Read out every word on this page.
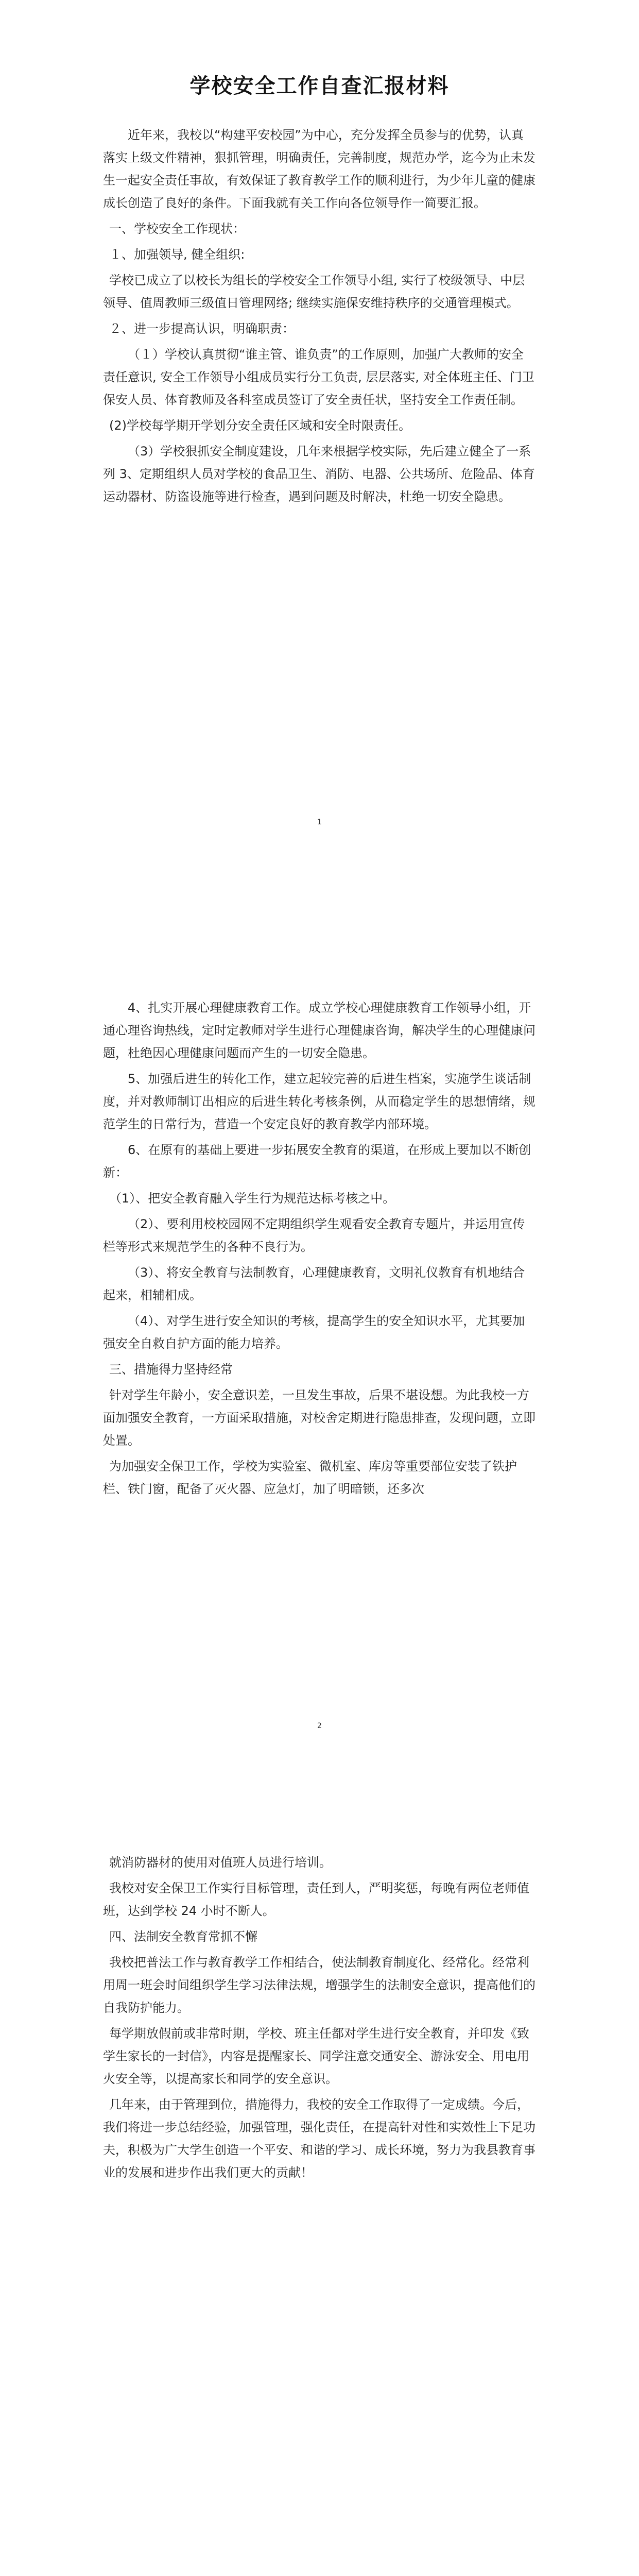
学校安全工作自查汇报材料

近年来，我校以“构建平安校园”为中心，充分发挥全员参与的优势，认真落实上级文件精神，狠抓管理，明确责任，完善制度，规范办学，迄今为止未发生一起安全责任事故，有效保证了教育教学工作的顺利进行，为少年儿童的健康成长创造了良好的条件。下面我就有关工作向各位领导作一简要汇报。

一、学校安全工作现状：

１、加强领导, 健全组织:

学校已成立了以校长为组长的学校安全工作领导小组, 实行了校级领导、中层领导、值周教师三级值日管理网络; 继续实施保安维持秩序的交通管理模式。

２、进一步提高认识，明确职责：

（１）学校认真贯彻“谁主管、谁负责”的工作原则，加强广大教师的安全责任意识, 安全工作领导小组成员实行分工负责, 层层落实, 对全体班主任、门卫保安人员、体育教师及各科室成员签订了安全责任状，坚持安全工作责任制。

(2)学校每学期开学划分安全责任区域和安全时限责任。

（3）学校狠抓安全制度建设，几年来根据学校实际，先后建立健全了一系列 3、定期组织人员对学校的食品卫生、消防、电器、公共场所、危险品、体育运动器材、防盗设施等进行检查，遇到问题及时解决，杜绝一切安全隐患。

1

4、扎实开展心理健康教育工作。成立学校心理健康教育工作领导小组，开通心理咨询热线，定时定教师对学生进行心理健康咨询，解决学生的心理健康问题，杜绝因心理健康问题而产生的一切安全隐患。

5、加强后进生的转化工作，建立起较完善的后进生档案，实施学生谈话制度，并对教师制订出相应的后进生转化考核条例，从而稳定学生的思想情绪，规范学生的日常行为，营造一个安定良好的教育教学内部环境。

6、在原有的基础上要进一步拓展安全教育的渠道，在形成上要加以不断创新：

（1）、把安全教育融入学生行为规范达标考核之中。

（2）、要利用校校园网不定期组织学生观看安全教育专题片，并运用宣传栏等形式来规范学生的各种不良行为。

（3）、将安全教育与法制教育，心理健康教育，文明礼仪教育有机地结合起来，相辅相成。

（4）、对学生进行安全知识的考核，提高学生的安全知识水平，尤其要加强安全自救自护方面的能力培养。

三、措施得力坚持经常

针对学生年龄小，安全意识差，一旦发生事故，后果不堪设想。为此我校一方面加强安全教育，一方面采取措施，对校舍定期进行隐患排查，发现问题，立即处置。

为加强安全保卫工作，学校为实验室、微机室、库房等重要部位安装了铁护栏、铁门窗，配备了灭火器、应急灯，加了明暗锁，还多次

2

就消防器材的使用对值班人员进行培训。

我校对安全保卫工作实行目标管理，责任到人，严明奖惩，每晚有两位老师值班，达到学校 24 小时不断人。

四、法制安全教育常抓不懈

我校把普法工作与教育教学工作相结合，使法制教育制度化、经常化。经常利用周一班会时间组织学生学习法律法规，增强学生的法制安全意识，提高他们的自我防护能力。

每学期放假前或非常时期，学校、班主任都对学生进行安全教育，并印发《致学生家长的一封信》，内容是提醒家长、同学注意交通安全、游泳安全、用电用火安全等，以提高家长和同学的安全意识。

几年来，由于管理到位，措施得力，我校的安全工作取得了一定成绩。今后，我们将进一步总结经验，加强管理，强化责任，在提高针对性和实效性上下足功夫，积极为广大学生创造一个平安、和谐的学习、成长环境，努力为我县教育事业的发展和进步作出我们更大的贡献！
